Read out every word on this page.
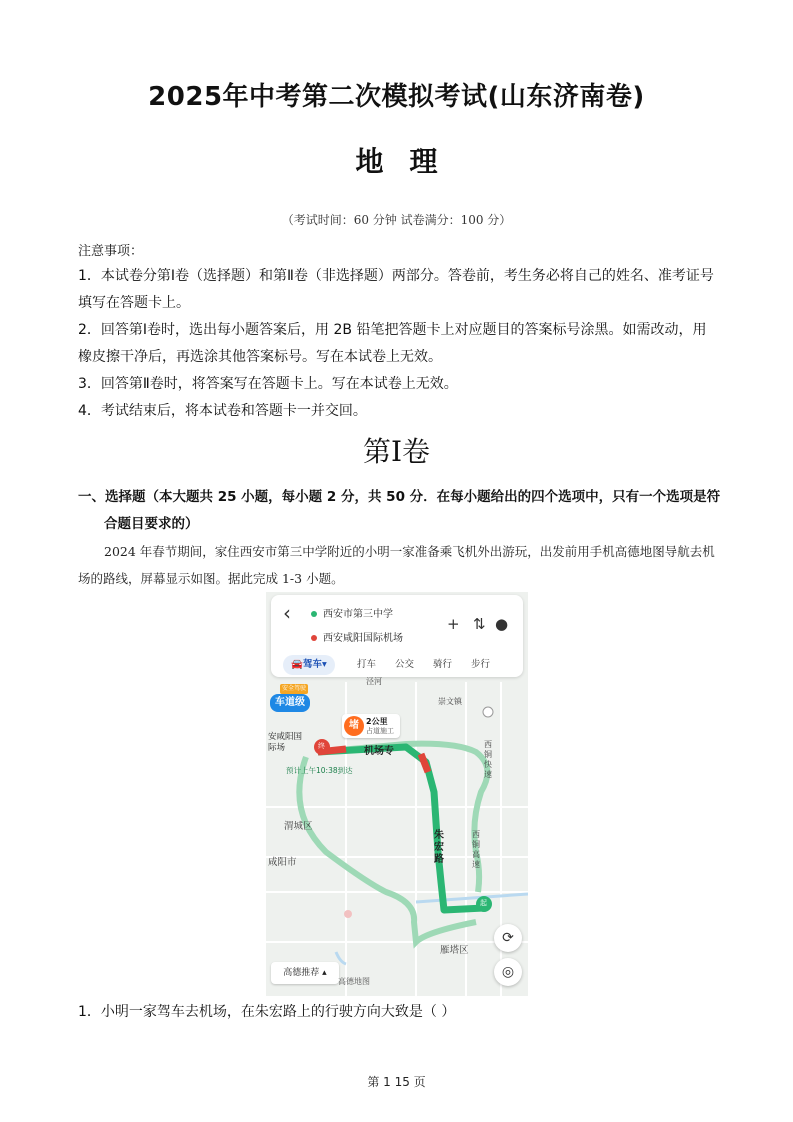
2025年中考第二次模拟考试(山东济南卷)
地理
（考试时间：60 分钟 试卷满分：100 分）
注意事项：
1．本试卷分第Ⅰ卷（选择题）和第Ⅱ卷（非选择题）两部分。答卷前，考生务必将自己的姓名、准考证号填写在答题卡上。
2．回答第Ⅰ卷时，选出每小题答案后，用 2B 铅笔把答题卡上对应题目的答案标号涂黑。如需改动，用橡皮擦干净后，再选涂其他答案标号。写在本试卷上无效。
3．回答第Ⅱ卷时，将答案写在答题卡上。写在本试卷上无效。
4．考试结束后，将本试卷和答题卡一并交回。
第Ⅰ卷
一、选择题（本大题共 25 小题，每小题 2 分，共 50 分．在每小题给出的四个选项中，只有一个选项是符
合题目要求的）
2024 年春节期间，家住西安市第三中学附近的小明一家准备乘飞机外出游玩，出发前用手机高德地图导航去机场的路线，屏幕显示如图。据此完成 1-3 小题。
‹	西安市第三中学
西安咸阳国际机场
+ ⇅ ●
🚘驾车▾	打车 公交 骑行 步行
安全驾驶
车道级
堵 2公里
占道施工
安咸阳国际场
预计上午10:38到达
机场专
朱宏路
西铜快速
西铜高速
泾河
崇文镇
渭城区
咸阳市
雁塔区
终
起
⟳
◎
高德推荐 ▴
高德地图
1．小明一家驾车去机场，在朱宏路上的行驶方向大致是（ ）
第 1 15 页
